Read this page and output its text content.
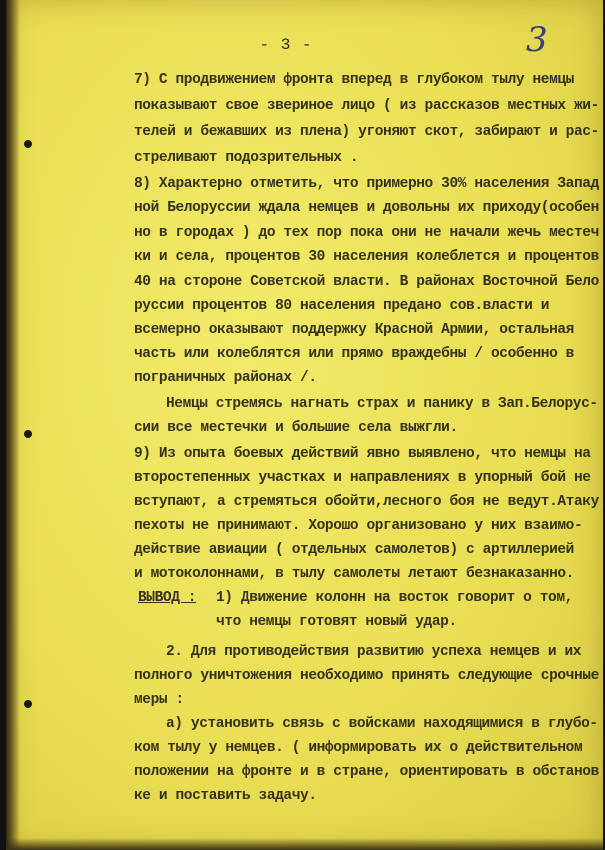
- 3 -	3
7) С продвижением фронта вперед в глубоком тылу немцы
показывают свое звериное лицо ( из рассказов местных жи-
телей и бежавших из плена) угоняют скот, забирают и рас-
стреливают подозрительных .
8) Характерно отметить, что примерно 30% населения Запад
ной Белоруссии ждала немцев и довольны их приходу(особен
но в городах ) до тех пор пока они не начали жечь местеч
ки и села, процентов 30 населения колеблется и процентов
40 на стороне Советской власти. В районах Восточной Бело
руссии процентов 80 населения предано сов.власти и
всемерно оказывают поддержку Красной Армии, остальная
часть или колеблятся или прямо враждебны / особенно в
пограничных районах /.
Немцы стремясь нагнать страх и панику в Зап.Белорус-
сии все местечки и большие села выжгли.
9) Из опыта боевых действий явно выявлено, что немцы на
второстепенных участках и направлениях в упорный бой не
вступают, а стремяться обойти,лесного боя не ведут.Атаку
пехоты не принимают. Хорошо организовано у них взаимо-
действие авиации ( отдельных самолетов) с артиллерией
и мотоколоннами, в тылу самолеты летают безнаказанно.
ВЫВОД : 1) Движение колонн на восток говорит о том,
что немцы готовят новый удар.
2. Для противодействия развитию успеха немцев и их
полного уничтожения необходимо принять следующие срочные
меры :
а) установить связь с войсками находящимися в глубо-
ком тылу у немцев. ( информировать их о действительном
положении на фронте и в стране, ориентировать в обстанов
ке и поставить задачу.
